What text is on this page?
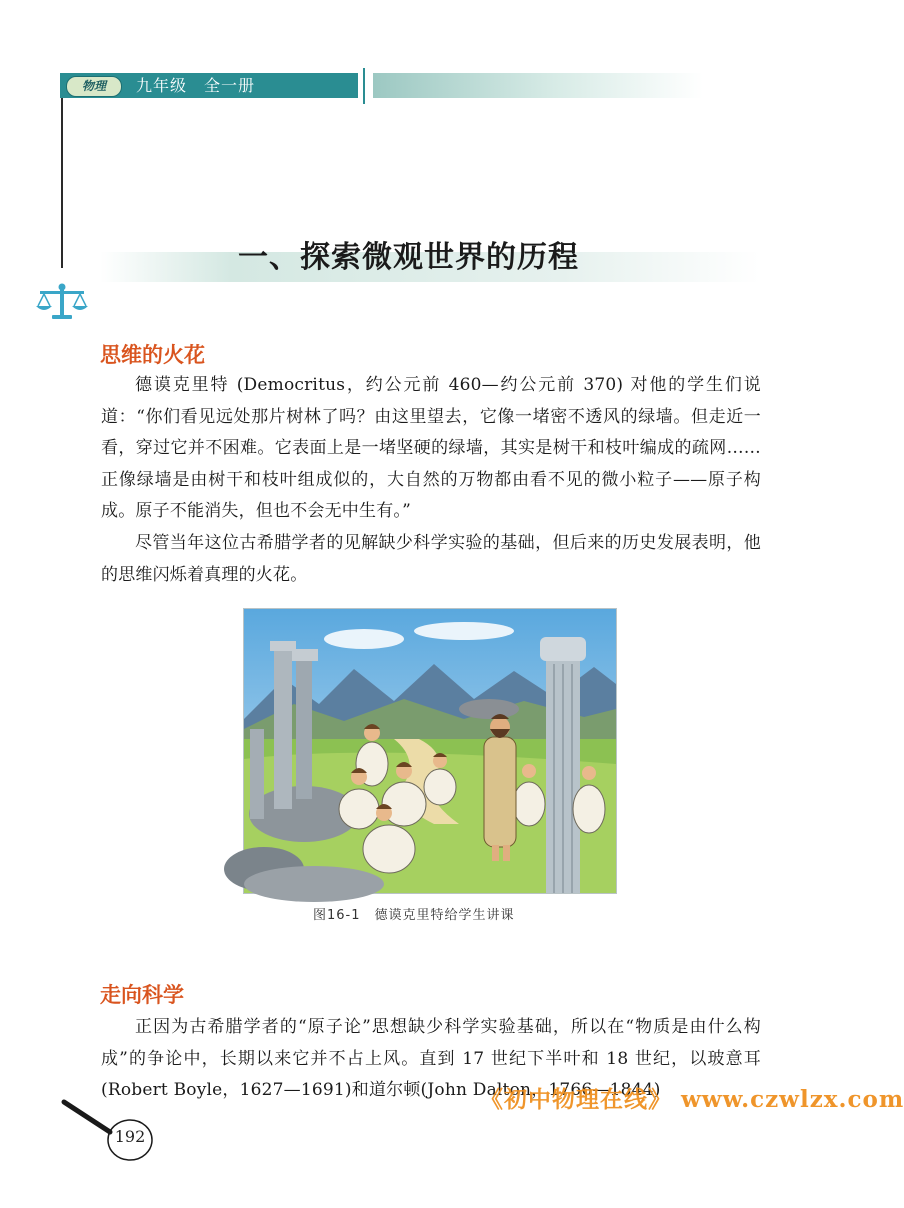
物理	九年级　全一册
一、探索微观世界的历程
思维的火花
德谟克里特 (Democritus，约公元前 460—约公元前 370) 对他的学生们说道：“你们看见远处那片树林了吗？由这里望去，它像一堵密不透风的绿墙。但走近一看，穿过它并不困难。它表面上是一堵坚硬的绿墙，其实是树干和枝叶编成的疏网……正像绿墙是由树干和枝叶组成似的，大自然的万物都由看不见的微小粒子——原子构成。原子不能消失，但也不会无中生有。”
尽管当年这位古希腊学者的见解缺少科学实验的基础，但后来的历史发展表明，他的思维闪烁着真理的火花。
图16-1　德谟克里特给学生讲课
走向科学
正因为古希腊学者的“原子论”思想缺少科学实验基础，所以在“物质是由什么构成”的争论中，长期以来它并不占上风。直到 17 世纪下半叶和 18 世纪，以玻意耳(Robert Boyle，1627—1691)和道尔顿(John Dalton，1766—1844)
《初中物理在线》 www.czwlzx.com
192
